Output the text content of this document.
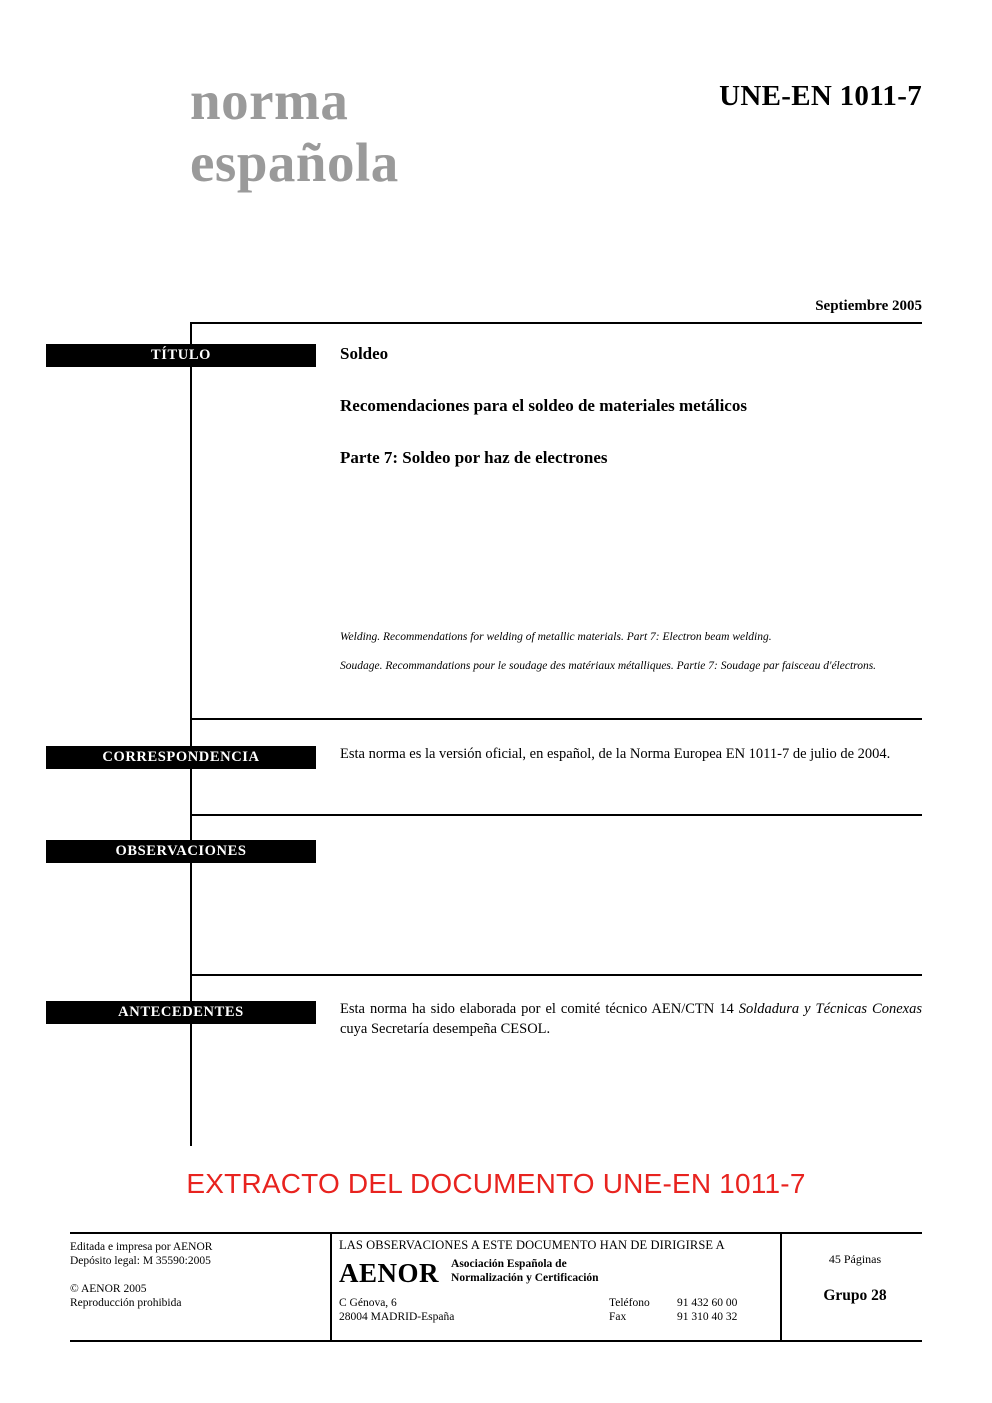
norma
española
UNE-EN 1011-7
Septiembre 2005
TÍTULO	Soldeo
Recomendaciones para el soldeo de materiales metálicos
Parte 7: Soldeo por haz de electrones
Welding. Recommendations for welding of metallic materials. Part 7: Electron beam welding.
Soudage. Recommandations pour le soudage des matériaux métalliques. Partie 7: Soudage par faisceau d'électrons.
CORRESPONDENCIA	Esta norma es la versión oficial, en español, de la Norma Europea EN 1011-7 de julio de 2004.
OBSERVACIONES
ANTECEDENTES	Esta norma ha sido elaborada por el comité técnico AEN/CTN 14 Soldadura y Técnicas Conexas cuya Secretaría desempeña CESOL.
EXTRACTO DEL DOCUMENTO UNE-EN 1011-7
Editada e impresa por AENOR
Depósito legal: M 35590:2005
© AENOR 2005
Reproducción prohibida
LAS OBSERVACIONES A ESTE DOCUMENTO HAN DE DIRIGIRSE A
AENOR Asociación Española de
Normalización y Certificación
C Génova, 6
28004 MADRID-España
Teléfono 91 432 60 00
Fax	91 310 40 32
45 Páginas
Grupo 28
